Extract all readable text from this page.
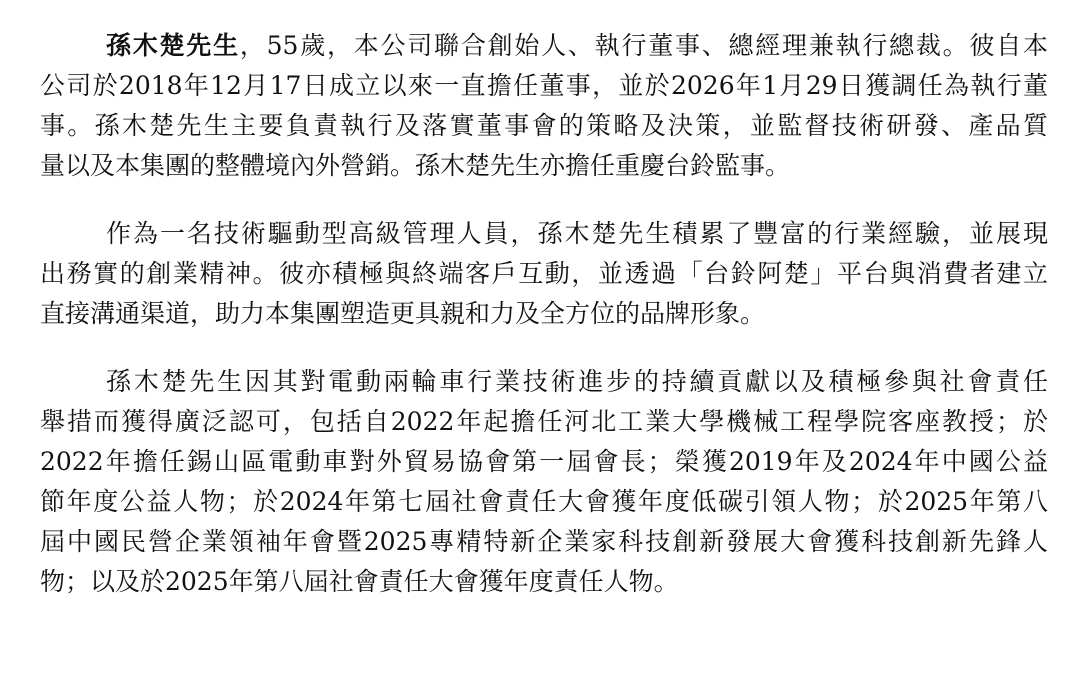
孫木楚先生，55歲，本公司聯合創始人、執行董事、總經理兼執行總裁。彼自本
公司於2018年12月17日成立以來一直擔任董事，並於2026年1月29日獲調任為執行董
事。孫木楚先生主要負責執行及落實董事會的策略及決策，並監督技術研發、產品質
量以及本集團的整體境內外營銷。孫木楚先生亦擔任重慶台鈴監事。
作為一名技術驅動型高級管理人員，孫木楚先生積累了豐富的行業經驗，並展現
出務實的創業精神。彼亦積極與終端客戶互動，並透過「台鈴阿楚」平台與消費者建立
直接溝通渠道，助力本集團塑造更具親和力及全方位的品牌形象。
孫木楚先生因其對電動兩輪車行業技術進步的持續貢獻以及積極參與社會責任
舉措而獲得廣泛認可，包括自2022年起擔任河北工業大學機械工程學院客座教授；於
2022年擔任錫山區電動車對外貿易協會第一屆會長；榮獲2019年及2024年中國公益
節年度公益人物；於2024年第七屆社會責任大會獲年度低碳引領人物；於2025年第八
屆中國民營企業領袖年會暨2025專精特新企業家科技創新發展大會獲科技創新先鋒人
物；以及於2025年第八屆社會責任大會獲年度責任人物。
